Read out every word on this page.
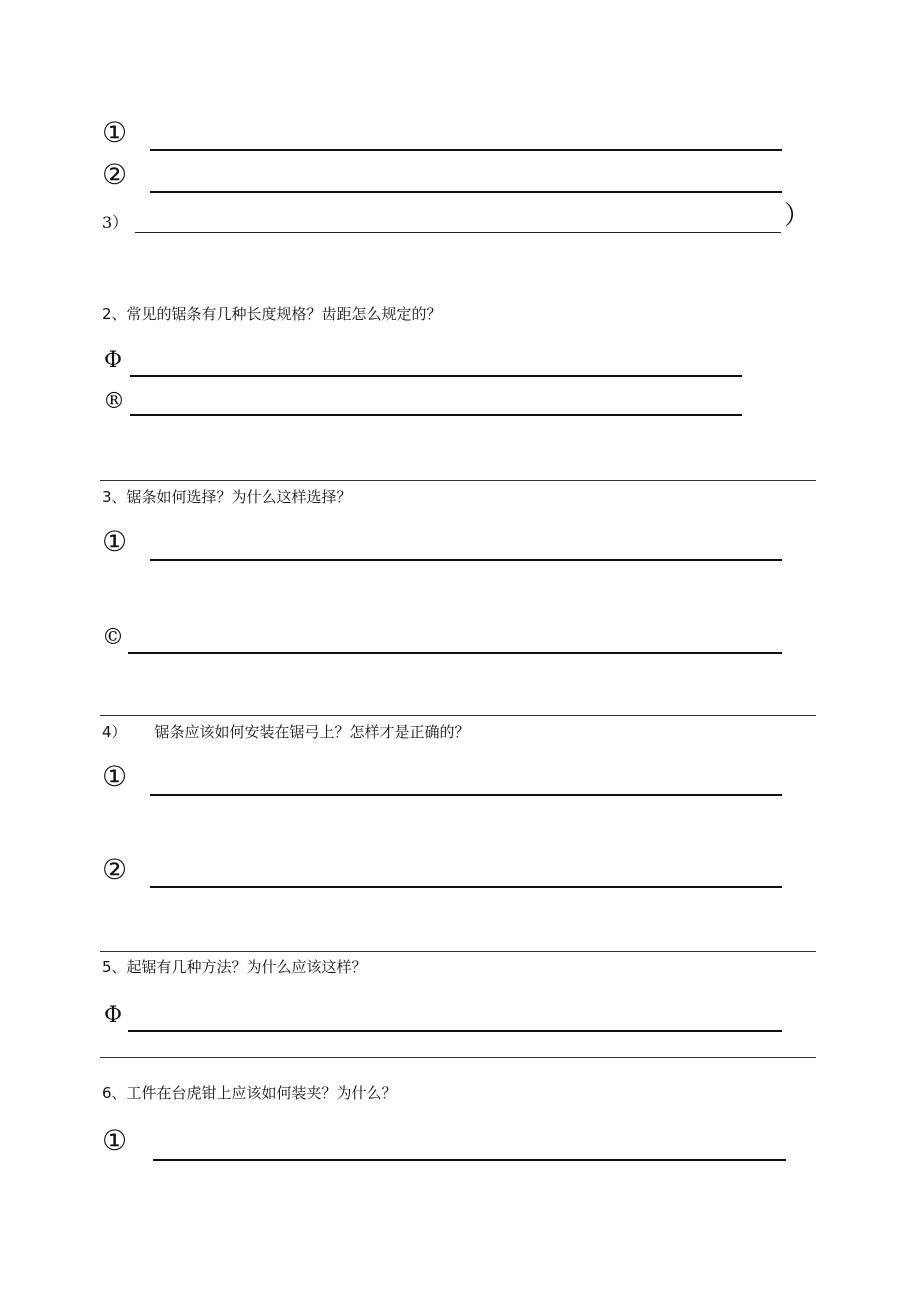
①
②
3）	）
2、常见的锯条有几种长度规格？齿距怎么规定的？
Φ
®
3、锯条如何选择？为什么这样选择？
①
©
4） 锯条应该如何安装在锯弓上？怎样才是正确的？
①
②
5、起锯有几种方法？为什么应该这样？
Φ
6、工件在台虎钳上应该如何装夹？为什么？
①
